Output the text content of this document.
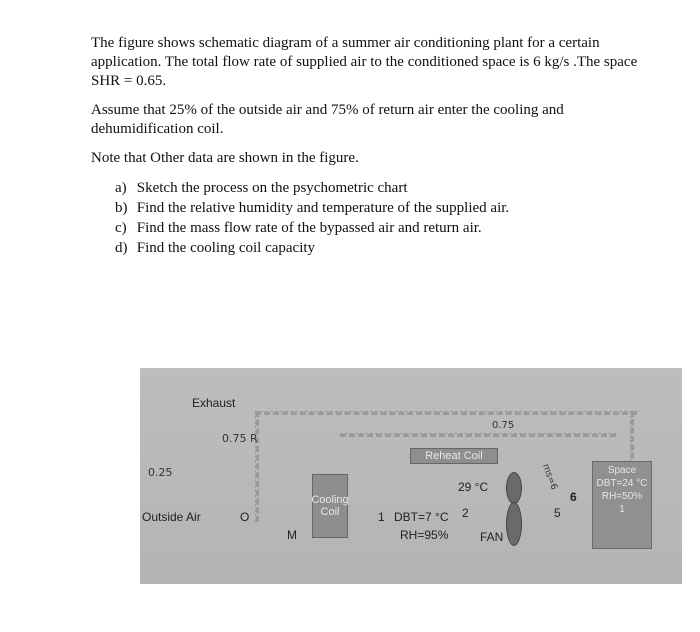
The figure shows schematic diagram of a summer air conditioning plant for a certain application. The total flow rate of supplied air to the conditioned space is 6 kg/s .The space SHR = 0.65.

Assume that 25% of the outside air and 75% of return air enter the cooling and dehumidification coil.

Note that Other data are shown in the figure.

a) Sketch the process on the psychometric chart
b) Find the relative humidity and temperature of the supplied air.
c) Find the mass flow rate of the bypassed air and return air.
d) Find the cooling coil capacity
Exhaust
0.75 R
0.75
0.25
Outside Air	O
M
Cooling
Coil
Reheat Coil
29 °C
1 DBT=7 °C 2
RH=95%	FAN
ms=6
6
5
Space
DBT=24 °C
RH=50%
1
